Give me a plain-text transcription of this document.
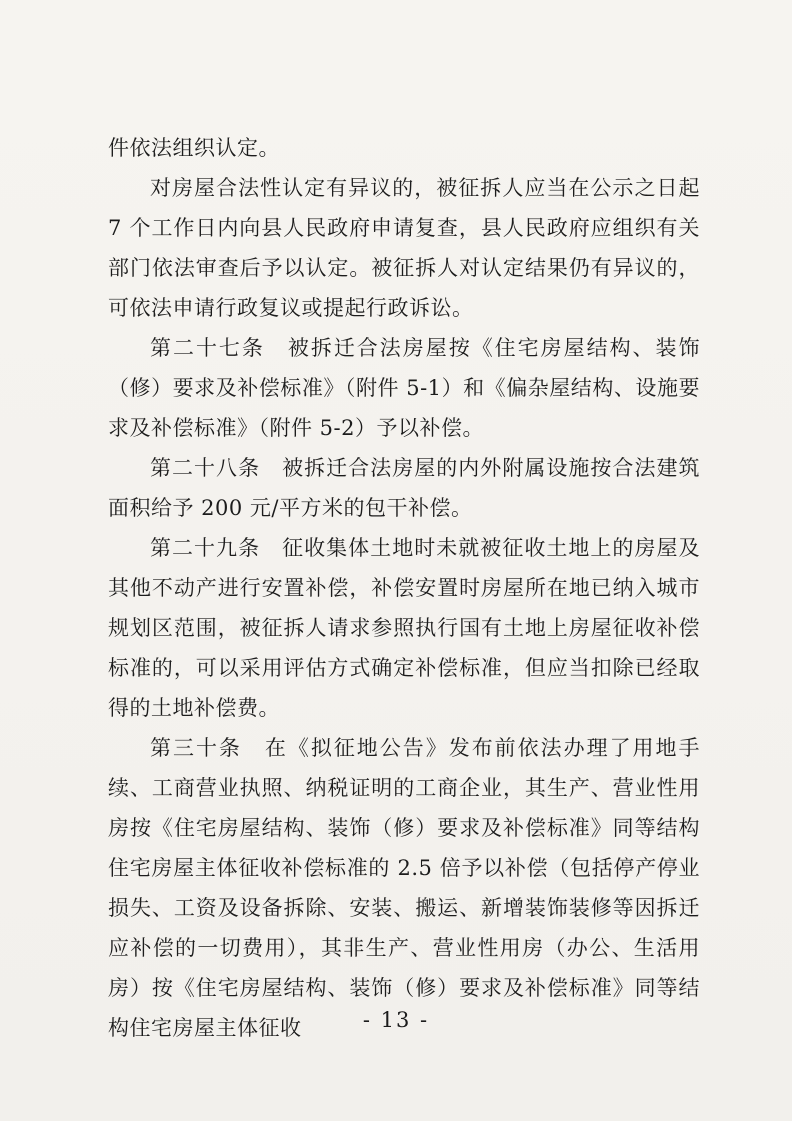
件依法组织认定。

对房屋合法性认定有异议的，被征拆人应当在公示之日起 7 个工作日内向县人民政府申请复查，县人民政府应组织有关部门依法审查后予以认定。被征拆人对认定结果仍有异议的，可依法申请行政复议或提起行政诉讼。

第二十七条　被拆迁合法房屋按《住宅房屋结构、装饰（修）要求及补偿标准》（附件 5-1）和《偏杂屋结构、设施要求及补偿标准》（附件 5-2）予以补偿。

第二十八条　被拆迁合法房屋的内外附属设施按合法建筑面积给予 200 元/平方米的包干补偿。

第二十九条　征收集体土地时未就被征收土地上的房屋及其他不动产进行安置补偿，补偿安置时房屋所在地已纳入城市规划区范围，被征拆人请求参照执行国有土地上房屋征收补偿标准的，可以采用评估方式确定补偿标准，但应当扣除已经取得的土地补偿费。

第三十条　在《拟征地公告》发布前依法办理了用地手续、工商营业执照、纳税证明的工商企业，其生产、营业性用房按《住宅房屋结构、装饰（修）要求及补偿标准》同等结构住宅房屋主体征收补偿标准的 2.5 倍予以补偿（包括停产停业损失、工资及设备拆除、安装、搬运、新增装饰装修等因拆迁应补偿的一切费用），其非生产、营业性用房（办公、生活用房）按《住宅房屋结构、装饰（修）要求及补偿标准》同等结构住宅房屋主体征收	- 13 -
